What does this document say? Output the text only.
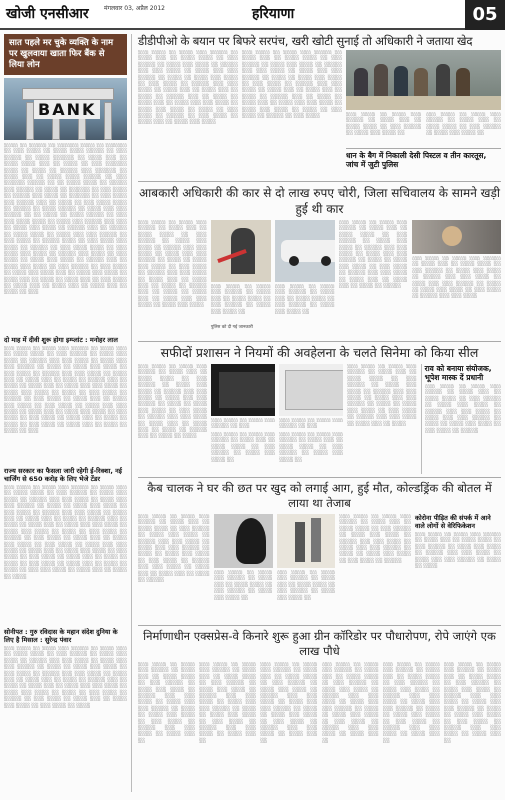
खोजी एनसीआर	मंगलवार 03, अप्रैल 2012	हरियाणा	05
सात पहले मर चुके व्यक्ति के नाम पर खुलवाया खाता फिर बैंक से लिया लोन
BANK

░░░░ ░░ ░░░░░ ░░ ░░░░░░ ░░░░ ░░ ░░░░░░ ░░ ░░░ ░░░░ ░░ ░░░░ ░░░░ ░░░░░ ░░ ░░░ ░░░░░ ░░ ░░░░ ░░░░░░ ░░ ░░░░ ░░░ ░░ ░░░░ ░░░░ ░░░ ░░ ░░░░ ░░ ░░░ ░░░░░░ ░░░░ ░░ ░░░░ ░░ ░░░░░ ░░░ ░░░░░░ ░░ ░░░░ ░░░ ░░ ░░░░ ░░░░ ░░░░░ ░░ ░░░ ░░░░░░ ░░░░░ ░░ ░░ ░░░░ ░░░░ ░░ ░░░░░ ░░░ ░░░░░ ░░ ░░░░ ░░ ░░░░░░ ░░ ░░░ ░░░░ ░░ ░░░░░ ░░░ ░░░░ ░░ ░░░░░░ ░░ ░░░ ░░░░ ░░░ ░░░░░ ░░░ ░░ ░░░░ ░░ ░░░ ░░░░ ░░░░ ░░ ░░░░░ ░░ ░░░░ ░░░░░ ░░ ░░░░ ░░░ ░░░ ░░░░░ ░░ ░░ ░░░░ ░░ ░░░░ ░░░░░ ░░ ░░░ ░░░ ░░░░ ░░░░ ░░ ░░░░ ░░░ ░░░░░ ░░░ ░░░ ░░ ░░░░ ░░░ ░░░░ ░░ ░░░░░ ░░░ ░░ ░░░░░ ░░ ░░░░ ░░░░ ░░ ░░░░ ░░░ ░░░ ░░░░░ ░░ ░░░ ░░░░ ░░ ░░░░░ ░░░░ ░░ ░░░ ░░░░ ░░░ ░░░░ ░░ ░░░░░ ░░ ░░░ ░░░░ ░░░░ ░░ ░░░ ░░░░ ░░░ ░░░░ ░░ ░░░░░ ░░░ ░░░░ ░░ ░░░ ░░░░ ░░ ░░░░ ░░░ ░░░░ ░░ ░░░░░ ░░░ ░░ ░░░░ ░░░ ░░░░ ░░ ░░░ ░░░░░ ░░ ░░░ ░░░░ ░░ ░░░░ ░░░ ░░░░ ░░░ ░░ ░░░░ ░░░ ░░░░ ░░ ░░░░ ░░░ ░░ ░░░░ ░░ ░░░░ ░░░ ░░ ░░░ ░░░░ ░░ ░░░░ ░░░ ░░ ░░░░ ░░░ ░░ ░░░░ ░░░ ░░ ░░░░ ░░ ░░░

दो माह में दीवी शुरू होगा इम्प्लांट : मनोहर लाल

░░░ ░░░░ ░░ ░░░░ ░░░ ░░░░░ ░░ ░░░░ ░░░ ░░ ░░░░ ░░░░ ░░ ░░░ ░░░░░ ░░ ░░░░ ░░░ ░░░░ ░░ ░░░░░ ░░░ ░░░ ░░░░ ░░ ░░░░ ░░░ ░░░ ░░░░░ ░░ ░░░░ ░░ ░░░░ ░░░ ░░░░ ░░ ░░░ ░░░░ ░░ ░░░░░ ░░░ ░░░ ░░░░ ░░ ░░░░ ░░░ ░░ ░░░░ ░░░ ░░ ░░░░ ░░ ░░░░░ ░░░ ░░ ░░░░ ░░ ░░░░ ░░░ ░░ ░░░░ ░░░ ░░░ ░░░░ ░░ ░░░░ ░░░ ░░░░ ░░ ░░░░ ░░ ░░░ ░░░░ ░░ ░░░░░ ░░ ░░░ ░░░░ ░░ ░░░░ ░░░ ░░ ░░░░ ░░░ ░░░░ ░░ ░░░ ░░░░ ░░ ░░░░ ░░░ ░░░ ░░░░ ░░ ░░░░ ░░░ ░░ ░░░░ ░░░ ░░░░ ░░ ░░░ ░░░░ ░░ ░░░ ░░░░ ░░ ░░░░ ░░░ ░░ ░░░░ ░░ ░░░░ ░░ ░░░ ░░░░ ░░ ░░░░ ░░░ ░░ ░░░░ ░░ ░░░░ ░░ ░░░

राज्य सरकार का फैसला जारी रहेगी ई-रिक्शा, नई चार्जिंग से 650 करोड़ के लिए भेजे टेंडर

░░░ ░░░░ ░░ ░░░░ ░░░ ░░░░░ ░░ ░░░░ ░░░ ░░ ░░░░ ░░░░ ░░ ░░░ ░░░░░ ░░ ░░░░ ░░░ ░░░░ ░░ ░░░░░ ░░░ ░░░ ░░░░ ░░ ░░░░ ░░░ ░░░ ░░░░░ ░░ ░░░░ ░░ ░░░░ ░░░ ░░░░ ░░ ░░░ ░░░░ ░░ ░░░░░ ░░░ ░░░ ░░░░ ░░ ░░░░ ░░░ ░░ ░░░░ ░░░ ░░ ░░░░ ░░ ░░░░░ ░░░ ░░ ░░░░ ░░ ░░░░ ░░░ ░░ ░░░░ ░░░ ░░░ ░░░░ ░░ ░░░░ ░░░ ░░░░ ░░ ░░░░ ░░ ░░░ ░░░░ ░░ ░░░░░ ░░ ░░░ ░░░░ ░░ ░░░░ ░░░ ░░ ░░░░ ░░░ ░░░░ ░░ ░░░ ░░░░ ░░ ░░░░ ░░░ ░░░ ░░░░ ░░ ░░░░ ░░░ ░░ ░░░░ ░░░ ░░░░ ░░ ░░░ ░░░░ ░░ ░░░ ░░░░ ░░ ░░░░ ░░░ ░░ ░░░░ ░░ ░░░░ ░░ ░░░ ░░░░ ░░ ░░░░ ░░░ ░░ ░░░░ ░░ ░░░░ ░░ ░░░ ░░░ ░░░░ ░░ ░░░░ ░░░ ░░ ░░░░ ░░ ░░░░

सोनीपत : गुरु रविदास के महान संदेश दुनिया के लिए है मिसाल : सुरेन्द्र पंवार

░░░ ░░░░ ░░ ░░░░ ░░░ ░░░░░ ░░ ░░░░ ░░░ ░░ ░░░░ ░░░░ ░░ ░░░ ░░░░░ ░░ ░░░░ ░░░ ░░░░ ░░ ░░░░░ ░░░ ░░░ ░░░░ ░░ ░░░░ ░░░ ░░░ ░░░░░ ░░ ░░░░ ░░ ░░░░ ░░░ ░░░░ ░░ ░░░ ░░░░ ░░ ░░░░░ ░░░ ░░░ ░░░░ ░░ ░░░░ ░░░ ░░ ░░░░ ░░░ ░░ ░░░░ ░░ ░░░░░ ░░░ ░░ ░░░░ ░░ ░░░░ ░░░ ░░ ░░░░ ░░░ ░░░ ░░░░ ░░ ░░░░ ░░░ ░░░░ ░░ ░░░░ ░░ ░░░ ░░░░ ░░ ░░░░░ ░░ ░░░ ░░░░ ░░ ░░░░ ░░░ ░░ ░░░░ ░░░ ░░░░ ░░ ░░░ ░░░░ ░░ ░░░░

डीडीपीओ के बयान पर बिफरे सरपंच, खरी खोटी सुनाई तो अधिकारी ने जताया खेद
░░░ ░░░░ ░░ ░░░░ ░░░ ░░░░░ ░░ ░░░░ ░░░ ░░ ░░░░ ░░░░ ░░ ░░░ ░░░░░ ░░ ░░░░ ░░░ ░░░░ ░░ ░░░░░ ░░░ ░░░ ░░░░ ░░ ░░░░ ░░░ ░░░ ░░░░░ ░░ ░░░░ ░░ ░░░░ ░░░ ░░░░ ░░ ░░░ ░░░░ ░░ ░░░░░ ░░░ ░░░ ░░░░ ░░ ░░░░ ░░░ ░░ ░░░░ ░░░ ░░ ░░░░ ░░ ░░░░░ ░░░ ░░ ░░░░ ░░ ░░░░ ░░░ ░░ ░░░░ ░░░ ░░░ ░░░░ ░░ ░░░░ ░░░ ░░░░ ░░ ░░░░ ░░ ░░░ ░░░░ ░░ ░░░░░ ░░ ░░░ ░░░░ ░░ ░░░░ ░░░ ░░ ░░░░ ░░░ ░░░░
░░░ ░░░░ ░░ ░░░░ ░░░ ░░░░░ ░░ ░░░░ ░░░ ░░ ░░░░ ░░░░ ░░ ░░░ ░░░░░ ░░ ░░░░ ░░░ ░░░░ ░░ ░░░░░ ░░░ ░░░ ░░░░ ░░ ░░░░ ░░░ ░░░ ░░░░░ ░░ ░░░░ ░░ ░░░░ ░░░ ░░░░ ░░ ░░░ ░░░░ ░░ ░░░░░ ░░░ ░░░ ░░░░ ░░ ░░░░ ░░░ ░░ ░░░░ ░░░ ░░ ░░░░ ░░ ░░░░░ ░░░ ░░ ░░░░ ░░ ░░░░ ░░░ ░░ ░░░░ ░░░ ░░░ ░░░░ ░░ ░░░░ ░░░ ░░░░ ░░ ░░░░ ░░ ░░░ ░░░░ ░░ ░░░░░ ░░ ░░░ ░░░░	░░░ ░░░░ ░░ ░░░░ ░░░ ░░░░░ ░░ ░░░░ ░░░ ░░ ░░░░ ░░░░ ░░ ░░░ ░░░░░ ░░ ░░░░ ░░░ ░░░░ ░░
░░░ ░░░░ ░░ ░░░░ ░░░ ░░░░░ ░░ ░░░░ ░░░ ░░ ░░░░ ░░░░ ░░ ░░░ ░░░░░ ░░ ░░░░ ░░░ ░░░░ ░░
धान के बैग में निकाली देसी पिस्टल व तीन कारतूस, जांच में जुटी पुलिस
आबकारी अधिकारी की कार से दो लाख रुपए चोरी, जिला सचिवालय के सामने खड़ी हुई थी कार
░░░ ░░░░ ░░ ░░░░ ░░░ ░░░░░ ░░ ░░░░ ░░░ ░░ ░░░░ ░░░░ ░░ ░░░ ░░░░░ ░░ ░░░░ ░░░ ░░░░ ░░ ░░░░░ ░░░ ░░░ ░░░░ ░░ ░░░░ ░░░ ░░░ ░░░░░ ░░ ░░░░ ░░ ░░░░ ░░░ ░░░░ ░░ ░░░ ░░░░ ░░ ░░░░░ ░░░ ░░░ ░░░░ ░░ ░░░░ ░░░ ░░ ░░░░ ░░░ ░░ ░░░░ ░░ ░░░░░ ░░░ ░░ ░░░░ ░░ ░░░░ ░░░ ░░ ░░░░ ░░░ ░░░ ░░░░ ░░ ░░░░ ░░░ ░░░░
░░░ ░░░░ ░░ ░░░░ ░░░ ░░░░░ ░░ ░░░░ ░░░ ░░ ░░░░ ░░░░ ░░ ░░░ ░░░░░ ░░ ░░░░ ░░░ ░░░░ ░░
░░░ ░░░░ ░░ ░░░░ ░░░ ░░░░░ ░░ ░░░░ ░░░ ░░ ░░░░ ░░░░ ░░ ░░░ ░░░░░ ░░ ░░░░ ░░░ ░░░░ ░░
पुलिस को दी गई जानकारी
░░░ ░░░░ ░░ ░░░░ ░░░ ░░░░░ ░░ ░░░░ ░░░ ░░ ░░░░ ░░░░ ░░ ░░░ ░░░░░ ░░ ░░░░ ░░░ ░░░░ ░░ ░░░░░ ░░░ ░░░ ░░░░ ░░ ░░░░ ░░░ ░░░ ░░░░░ ░░ ░░░░ ░░ ░░░░ ░░░ ░░░░ ░░ ░░░ ░░░░ ░░ ░░░░░ ░░░ ░░░ ░░░░ ░░ ░░░░ ░░░ ░░ ░░░░ ░░░ ░░ ░░░░ ░░ ░░░░░
░░░ ░░░░ ░░ ░░░░ ░░░ ░░░░░ ░░ ░░░░ ░░░ ░░ ░░░░ ░░░░ ░░ ░░░ ░░░░░ ░░ ░░░░ ░░░ ░░░░ ░░ ░░░░░ ░░░ ░░░ ░░░░ ░░ ░░░░ ░░░ ░░░ ░░░░░ ░░ ░░░░ ░░ ░░░░ ░░░ ░░░░ ░░ ░░░ ░░░░ ░░ ░░░░░ ░░░ ░░░ ░░░░
सफीदों प्रशासन ने नियमों की अवहेलना के चलते सिनेमा को किया सील
░░░ ░░░░ ░░ ░░░░ ░░░ ░░░░░ ░░ ░░░░ ░░░ ░░ ░░░░ ░░░░ ░░ ░░░ ░░░░░ ░░ ░░░░ ░░░ ░░░░ ░░ ░░░░░ ░░░ ░░░ ░░░░ ░░ ░░░░ ░░░ ░░░ ░░░░░ ░░ ░░░░ ░░ ░░░░ ░░░ ░░░░ ░░ ░░░ ░░░░ ░░ ░░░░░ ░░░ ░░░ ░░░░ ░░ ░░░░ ░░░ ░░ ░░░░ ░░░ ░░ ░░░░ ░░ ░░░░░ ░░░ ░░ ░░░░ ░░ ░░░░
░░░ ░░░░ ░░ ░░░░ ░░░ ░░░░░ ░░ ░░░
░░░ ░░░░ ░░ ░░░░ ░░░ ░░░░░ ░░ ░░░
░░░ ░░░░ ░░ ░░░░ ░░░ ░░░░░ ░░ ░░░░ ░░░ ░░ ░░░░ ░░░░ ░░ ░░░ ░░░░░ ░░ ░░░░ ░░░ ░░░░ ░░
░░░ ░░░░ ░░ ░░░░ ░░░ ░░░░░ ░░ ░░░░ ░░░ ░░ ░░░░ ░░░░ ░░ ░░░ ░░░░░ ░░ ░░░░ ░░░ ░░░░ ░░
░░░ ░░░░ ░░ ░░░░ ░░░ ░░░░░ ░░ ░░░░ ░░░ ░░ ░░░░ ░░░░ ░░ ░░░ ░░░░░ ░░ ░░░░ ░░░ ░░░░ ░░ ░░░░░ ░░░ ░░░ ░░░░ ░░ ░░░░ ░░░ ░░░ ░░░░░ ░░ ░░░░ ░░ ░░░░ ░░░ ░░░░ ░░ ░░░ ░░░░ ░░ ░░░░░ ░░░ ░░░ ░░░░ ░░ ░░░░ ░░░ ░░ ░░░░
राव को बनाया संयोजक, भूपेश मास्क दें प्रधानी
░░░ ░░░░ ░░ ░░░░ ░░░ ░░░░░ ░░ ░░░░ ░░░ ░░ ░░░░ ░░░░ ░░ ░░░ ░░░░░ ░░ ░░░░ ░░░ ░░░░ ░░ ░░░░░ ░░░ ░░░ ░░░░ ░░ ░░░░ ░░░ ░░░ ░░░░░ ░░ ░░░░ ░░ ░░░░ ░░░ ░░░░ ░░ ░░░ ░░░░ ░░ ░░░░░
कैब चालक ने घर की छत पर खुद को लगाई आग, हुई मौत, कोल्डड्रिंक की बोतल में लाया था तेजाब
░░░ ░░░░ ░░ ░░░░ ░░░ ░░░░░ ░░ ░░░░ ░░░ ░░ ░░░░ ░░░░ ░░ ░░░ ░░░░░ ░░ ░░░░ ░░░ ░░░░ ░░ ░░░░░ ░░░ ░░░ ░░░░ ░░ ░░░░ ░░░ ░░░ ░░░░░ ░░ ░░░░ ░░ ░░░░ ░░░ ░░░░ ░░ ░░░ ░░░░ ░░ ░░░░░ ░░░ ░░░ ░░░░ ░░ ░░░░ ░░░ ░░ ░░░░ ░░░ ░░ ░░░░ ░░ ░░░░░
░░░ ░░░░ ░░ ░░░░ ░░░ ░░░░░ ░░ ░░░░ ░░░ ░░ ░░░░ ░░░░ ░░ ░░░ ░░░░░ ░░ ░░░░ ░░░ ░░░░ ░░
░░░ ░░░░ ░░ ░░░░ ░░░ ░░░░░ ░░ ░░░░ ░░░ ░░ ░░░░ ░░░░ ░░ ░░░ ░░░░░ ░░ ░░░░ ░░░ ░░░░ ░░
░░░ ░░░░ ░░ ░░░░ ░░░ ░░░░░ ░░ ░░░░ ░░░ ░░ ░░░░ ░░░░ ░░ ░░░ ░░░░░ ░░ ░░░░ ░░░ ░░░░ ░░ ░░░░░ ░░░ ░░░ ░░░░ ░░ ░░░░ ░░░ ░░░ ░░░░░ ░░ ░░░░ ░░ ░░░░ ░░░ ░░░░ ░░ ░░░ ░░░░ ░░ ░░░░░
कोरोना पीड़ित की संपर्क में आने वाले लोगों से वेरिफिकेशन
░░░ ░░░░ ░░ ░░░░ ░░░ ░░░░░ ░░ ░░░░ ░░░ ░░ ░░░░ ░░░░ ░░ ░░░ ░░░░░ ░░ ░░░░ ░░░ ░░░░ ░░ ░░░░░ ░░░ ░░░ ░░░░ ░░ ░░░░ ░░░ ░░░ ░░░░░ ░░ ░░░░ ░░ ░░░░
निर्माणाधीन एक्सप्रेस-वे किनारे शुरू हुआ ग्रीन कॉरिडोर पर पौधारोपण, रोपे जाएंगे एक लाख पौधे
░░░ ░░░░ ░░ ░░░░ ░░░ ░░░░░ ░░ ░░░░ ░░░ ░░ ░░░░ ░░░░ ░░ ░░░ ░░░░░ ░░ ░░░░ ░░░ ░░░░ ░░ ░░░░░ ░░░ ░░░ ░░░░ ░░ ░░░░ ░░░ ░░░ ░░░░░ ░░ ░░░░ ░░ ░░░░ ░░░ ░░░░ ░░ ░░░ ░░░░ ░░ ░░░░░ ░░░ ░░░ ░░░░ ░░ ░░░░ ░░░ ░░
░░░ ░░░░ ░░ ░░░░ ░░░ ░░░░░ ░░ ░░░░ ░░░ ░░ ░░░░ ░░░░ ░░ ░░░ ░░░░░ ░░ ░░░░ ░░░ ░░░░ ░░ ░░░░░ ░░░ ░░░ ░░░░ ░░ ░░░░ ░░░ ░░░ ░░░░░ ░░ ░░░░ ░░ ░░░░ ░░░ ░░░░ ░░ ░░░ ░░░░ ░░ ░░░░░ ░░░ ░░░ ░░░░ ░░ ░░░░ ░░░ ░░
░░░ ░░░░ ░░ ░░░░ ░░░ ░░░░░ ░░ ░░░░ ░░░ ░░ ░░░░ ░░░░ ░░ ░░░ ░░░░░ ░░ ░░░░ ░░░ ░░░░ ░░ ░░░░░ ░░░ ░░░ ░░░░ ░░ ░░░░ ░░░ ░░░ ░░░░░ ░░ ░░░░ ░░ ░░░░ ░░░ ░░░░ ░░ ░░░ ░░░░ ░░ ░░░░░ ░░░ ░░░ ░░░░ ░░ ░░░░ ░░░ ░░
░░░ ░░░░ ░░ ░░░░ ░░░ ░░░░░ ░░ ░░░░ ░░░ ░░ ░░░░ ░░░░ ░░ ░░░ ░░░░░ ░░ ░░░░ ░░░ ░░░░ ░░ ░░░░░ ░░░ ░░░ ░░░░ ░░ ░░░░ ░░░ ░░░ ░░░░░ ░░ ░░░░ ░░ ░░░░ ░░░ ░░░░ ░░ ░░░ ░░░░ ░░ ░░░░░ ░░░ ░░░ ░░░░ ░░ ░░░░ ░░░ ░░
░░░ ░░░░ ░░ ░░░░ ░░░ ░░░░░ ░░ ░░░░ ░░░ ░░ ░░░░ ░░░░ ░░ ░░░ ░░░░░ ░░ ░░░░ ░░░ ░░░░ ░░ ░░░░░ ░░░ ░░░ ░░░░ ░░ ░░░░ ░░░ ░░░ ░░░░░ ░░ ░░░░ ░░ ░░░░ ░░░ ░░░░ ░░ ░░░ ░░░░ ░░ ░░░░░ ░░░ ░░░ ░░░░ ░░ ░░░░ ░░░ ░░
░░░ ░░░░ ░░ ░░░░ ░░░ ░░░░░ ░░ ░░░░ ░░░ ░░ ░░░░ ░░░░ ░░ ░░░ ░░░░░ ░░ ░░░░ ░░░ ░░░░ ░░ ░░░░░ ░░░ ░░░ ░░░░ ░░ ░░░░ ░░░ ░░░ ░░░░░ ░░ ░░░░ ░░ ░░░░ ░░░ ░░░░ ░░ ░░░ ░░░░ ░░ ░░░░░ ░░░ ░░░ ░░░░ ░░ ░░░░ ░░░ ░░
